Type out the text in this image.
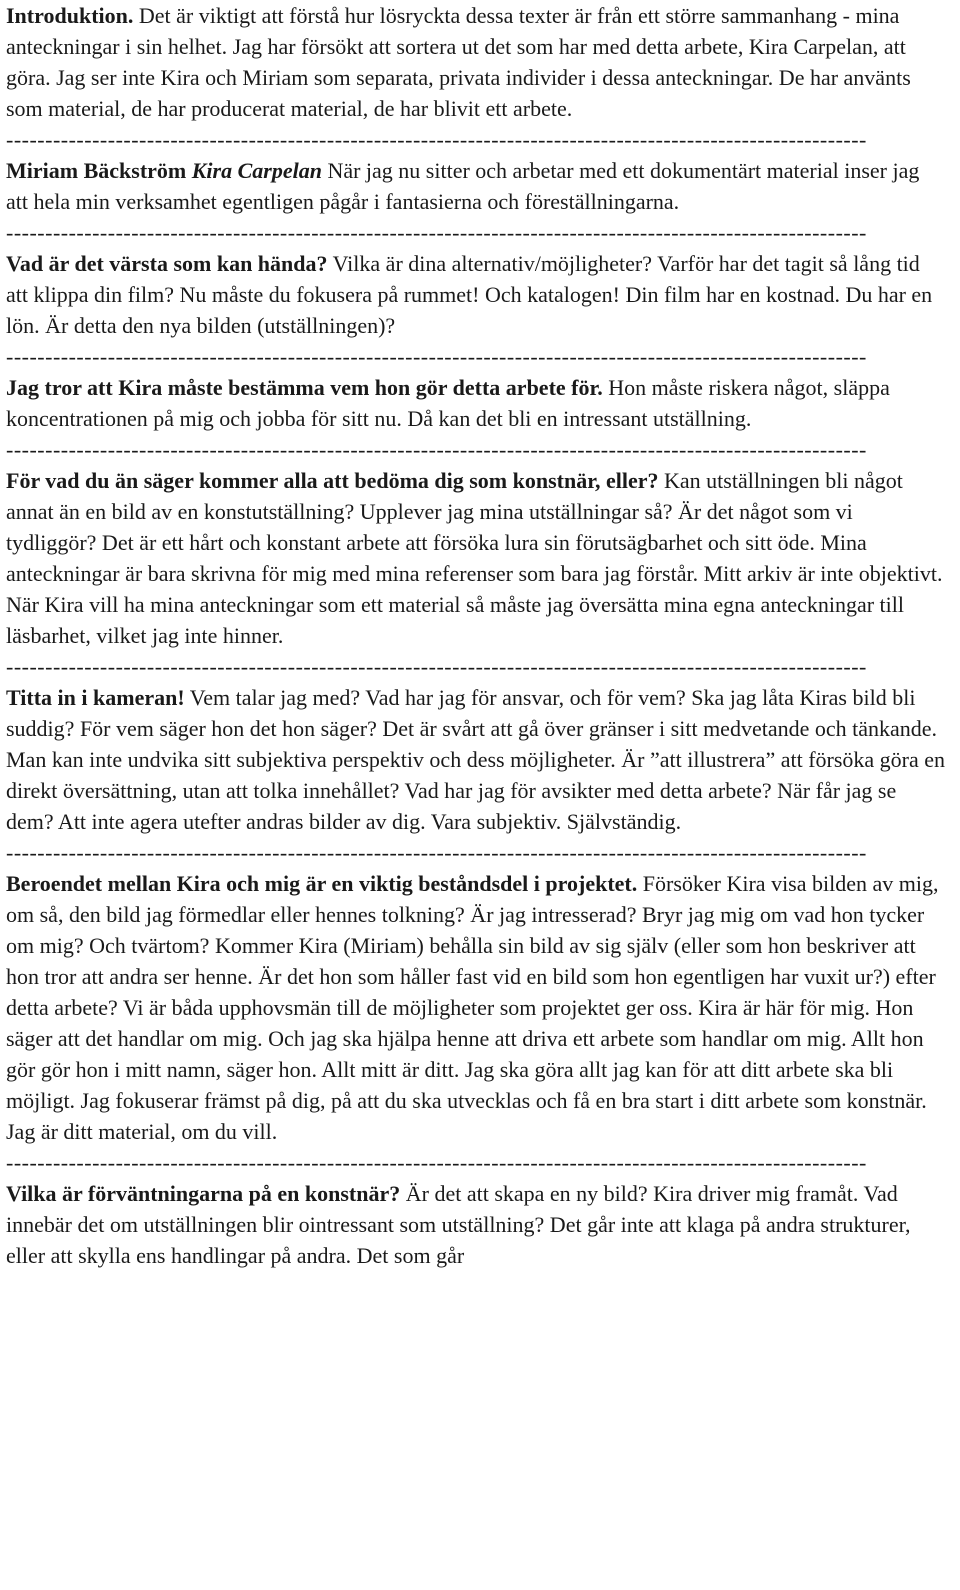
Introduktion. Det är viktigt att förstå hur lösryckta dessa texter är från ett större sammanhang - mina anteckningar i sin helhet. Jag har försökt att sortera ut det som har med detta arbete, Kira Carpelan, att göra. Jag ser inte Kira och Miriam som separata, privata individer i dessa anteckningar. De har använts som material, de har producerat material, de har blivit ett arbete.

--------------------------------------------------------------------------------------------------------------

Miriam Bäckström Kira Carpelan När jag nu sitter och arbetar med ett dokumentärt material inser jag att hela min verksamhet egentligen pågår i fantasierna och föreställningarna.

--------------------------------------------------------------------------------------------------------------

Vad är det värsta som kan hända? Vilka är dina alternativ/möjligheter? Varför har det tagit så lång tid att klippa din film? Nu måste du fokusera på rummet! Och katalogen! Din film har en kostnad. Du har en lön. Är detta den nya bilden (utställningen)?

--------------------------------------------------------------------------------------------------------------

Jag tror att Kira måste bestämma vem hon gör detta arbete för. Hon måste riskera något, släppa koncentrationen på mig och jobba för sitt nu. Då kan det bli en intressant utställning.

--------------------------------------------------------------------------------------------------------------

För vad du än säger kommer alla att bedöma dig som konstnär, eller? Kan utställningen bli något annat än en bild av en konstutställning? Upplever jag mina utställningar så? Är det något som vi tydliggör? Det är ett hårt och konstant arbete att försöka lura sin förutsägbarhet och sitt öde. Mina anteckningar är bara skrivna för mig med mina referenser som bara jag förstår. Mitt arkiv är inte objektivt. När Kira vill ha mina anteckningar som ett material så måste jag översätta mina egna anteckningar till läsbarhet, vilket jag inte hinner.

--------------------------------------------------------------------------------------------------------------

Titta in i kameran! Vem talar jag med? Vad har jag för ansvar, och för vem? Ska jag låta Kiras bild bli suddig? För vem säger hon det hon säger? Det är svårt att gå över gränser i sitt medvetande och tänkande. Man kan inte undvika sitt subjektiva perspektiv och dess möjligheter. Är ”att illustrera” att försöka göra en direkt översättning, utan att tolka innehållet? Vad har jag för avsikter med detta arbete? När får jag se dem? Att inte agera utefter andras bilder av dig. Vara subjektiv. Självständig.

--------------------------------------------------------------------------------------------------------------

Beroendet mellan Kira och mig är en viktig beståndsdel i projektet. Försöker Kira visa bilden av mig, om så, den bild jag förmedlar eller hennes tolkning? Är jag intresserad? Bryr jag mig om vad hon tycker om mig? Och tvärtom? Kommer Kira (Miriam) behålla sin bild av sig själv (eller som hon beskriver att hon tror att andra ser henne. Är det hon som håller fast vid en bild som hon egentligen har vuxit ur?) efter detta arbete? Vi är båda upphovsmän till de möjligheter som projektet ger oss. Kira är här för mig. Hon säger att det handlar om mig. Och jag ska hjälpa henne att driva ett arbete som handlar om mig. Allt hon gör gör hon i mitt namn, säger hon. Allt mitt är ditt. Jag ska göra allt jag kan för att ditt arbete ska bli möjligt. Jag fokuserar främst på dig, på att du ska utvecklas och få en bra start i ditt arbete som konstnär. Jag är ditt material, om du vill.

--------------------------------------------------------------------------------------------------------------

Vilka är förväntningarna på en konstnär? Är det att skapa en ny bild? Kira driver mig framåt. Vad innebär det om utställningen blir ointressant som utställning? Det går inte att klaga på andra strukturer, eller att skylla ens handlingar på andra. Det som går
